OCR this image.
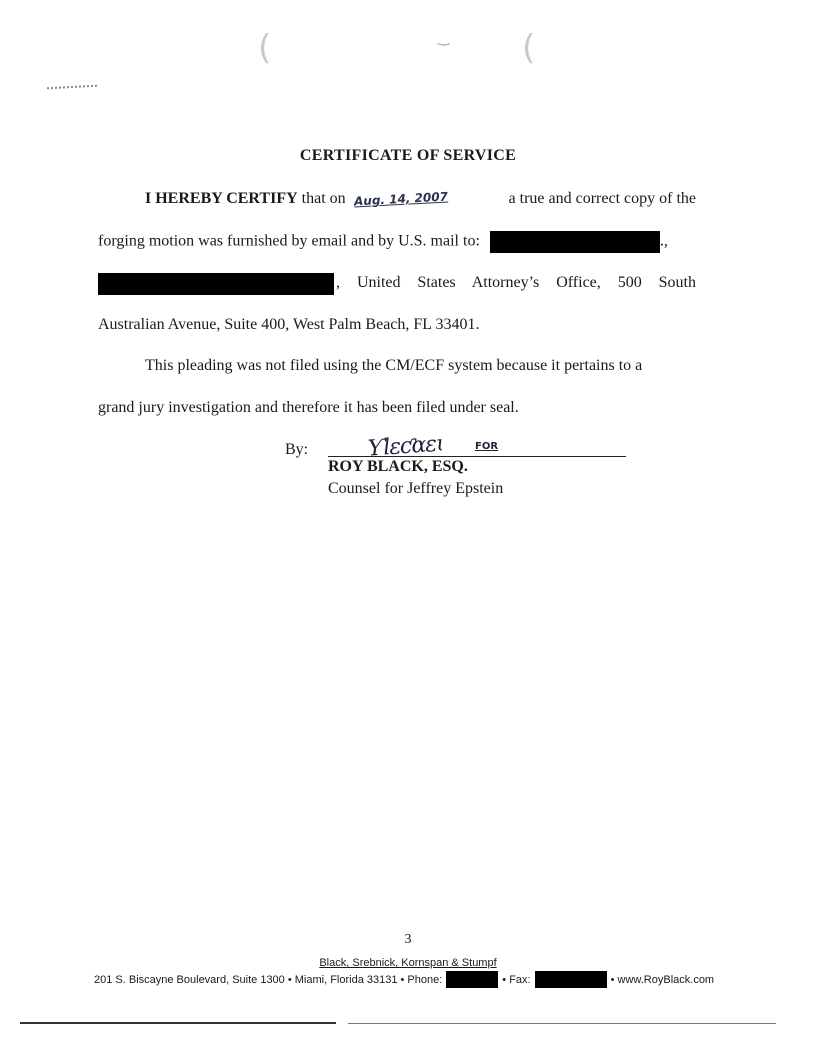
(	(
‿
CERTIFICATE OF SERVICE
I HEREBY CERTIFY that on Aug. 14, 2007	a true and correct copy of the
forging motion was furnished by email and by U.S. mail to:	.,
, United States Attorney’s Office, 500 South
Australian Avenue, Suite 400, West Palm Beach, FL 33401.
This pleading was not filed using the CM/ECF system because it pertains to a
grand jury investigation and therefore it has been filed under seal.
By:	Ƴlɛƈɑɛɩ	FOR
ROY BLACK, ESQ.
Counsel for Jeffrey Epstein
3
Black, Srebnick, Kornspan & Stumpf
201 S. Biscayne Boulevard, Suite 1300 • Miami, Florida 33131 • Phone:	• Fax:	• www.RoyBlack.com
